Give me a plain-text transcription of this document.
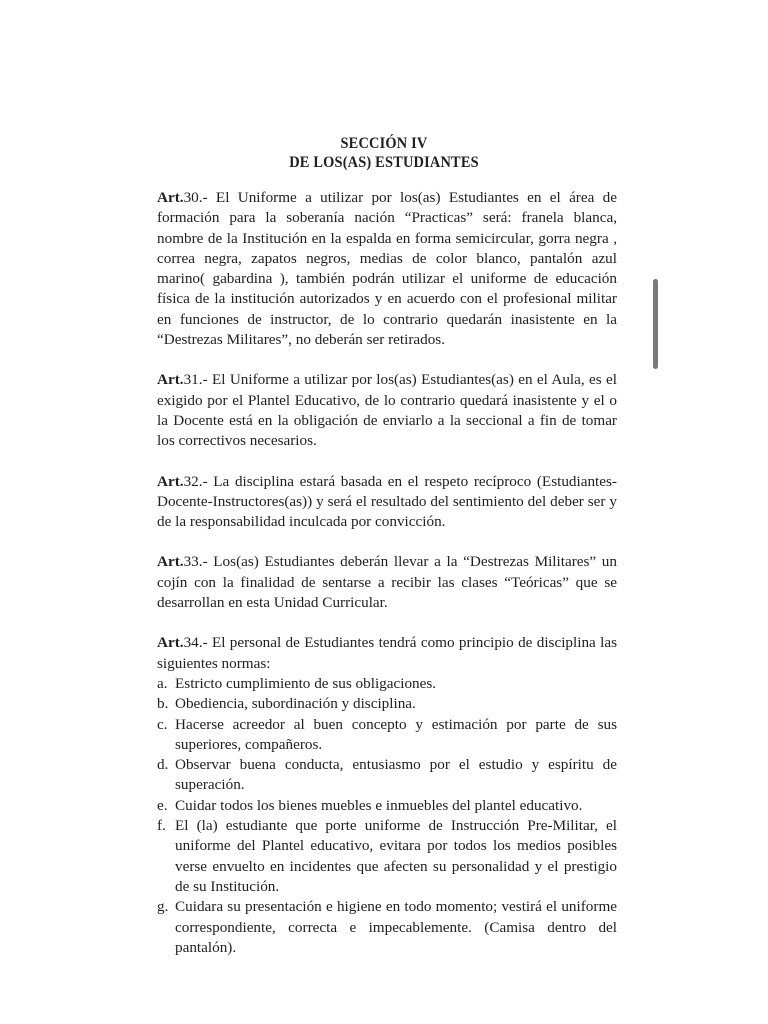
SECCIÓN IV
DE LOS(AS) ESTUDIANTES

Art.30.- El Uniforme a utilizar por los(as) Estudiantes en el área de formación para la soberanía nación “Practicas” será: franela blanca, nombre de la Institución en la espalda en forma semicircular, gorra negra , correa negra, zapatos negros, medias de color blanco, pantalón azul marino( gabardina ), también podrán utilizar el uniforme de educación física de la institución autorizados y en acuerdo con el profesional militar en funciones de instructor, de lo contrario quedarán inasistente en la “Destrezas Militares”, no deberán ser retirados.

Art.31.- El Uniforme a utilizar por los(as) Estudiantes(as) en el Aula, es el exigido por el Plantel Educativo, de lo contrario quedará inasistente y el o la Docente está en la obligación de enviarlo a la seccional a fin de tomar los correctivos necesarios.

Art.32.- La disciplina estará basada en el respeto recíproco (Estudiantes-Docente-Instructores(as)) y será el resultado del sentimiento del deber ser y de la responsabilidad inculcada por convicción.

Art.33.- Los(as) Estudiantes deberán llevar a la “Destrezas Militares” un cojín con la finalidad de sentarse a recibir las clases “Teóricas” que se desarrollan en esta Unidad Curricular.

Art.34.- El personal de Estudiantes tendrá como principio de disciplina las siguientes normas:

a. Estricto cumplimiento de sus obligaciones.
b. Obediencia, subordinación y disciplina.
c. Hacerse acreedor al buen concepto y estimación por parte de sus superiores, compañeros.
d. Observar buena conducta, entusiasmo por el estudio y espíritu de superación.
e. Cuidar todos los bienes muebles e inmuebles del plantel educativo.
f. El (la) estudiante que porte uniforme de Instrucción Pre-Militar, el uniforme del Plantel educativo, evitara por todos los medios posibles verse envuelto en incidentes que afecten su personalidad y el prestigio de su Institución.
g. Cuidara su presentación e higiene en todo momento; vestirá el uniforme correspondiente, correcta e impecablemente. (Camisa dentro del pantalón).
